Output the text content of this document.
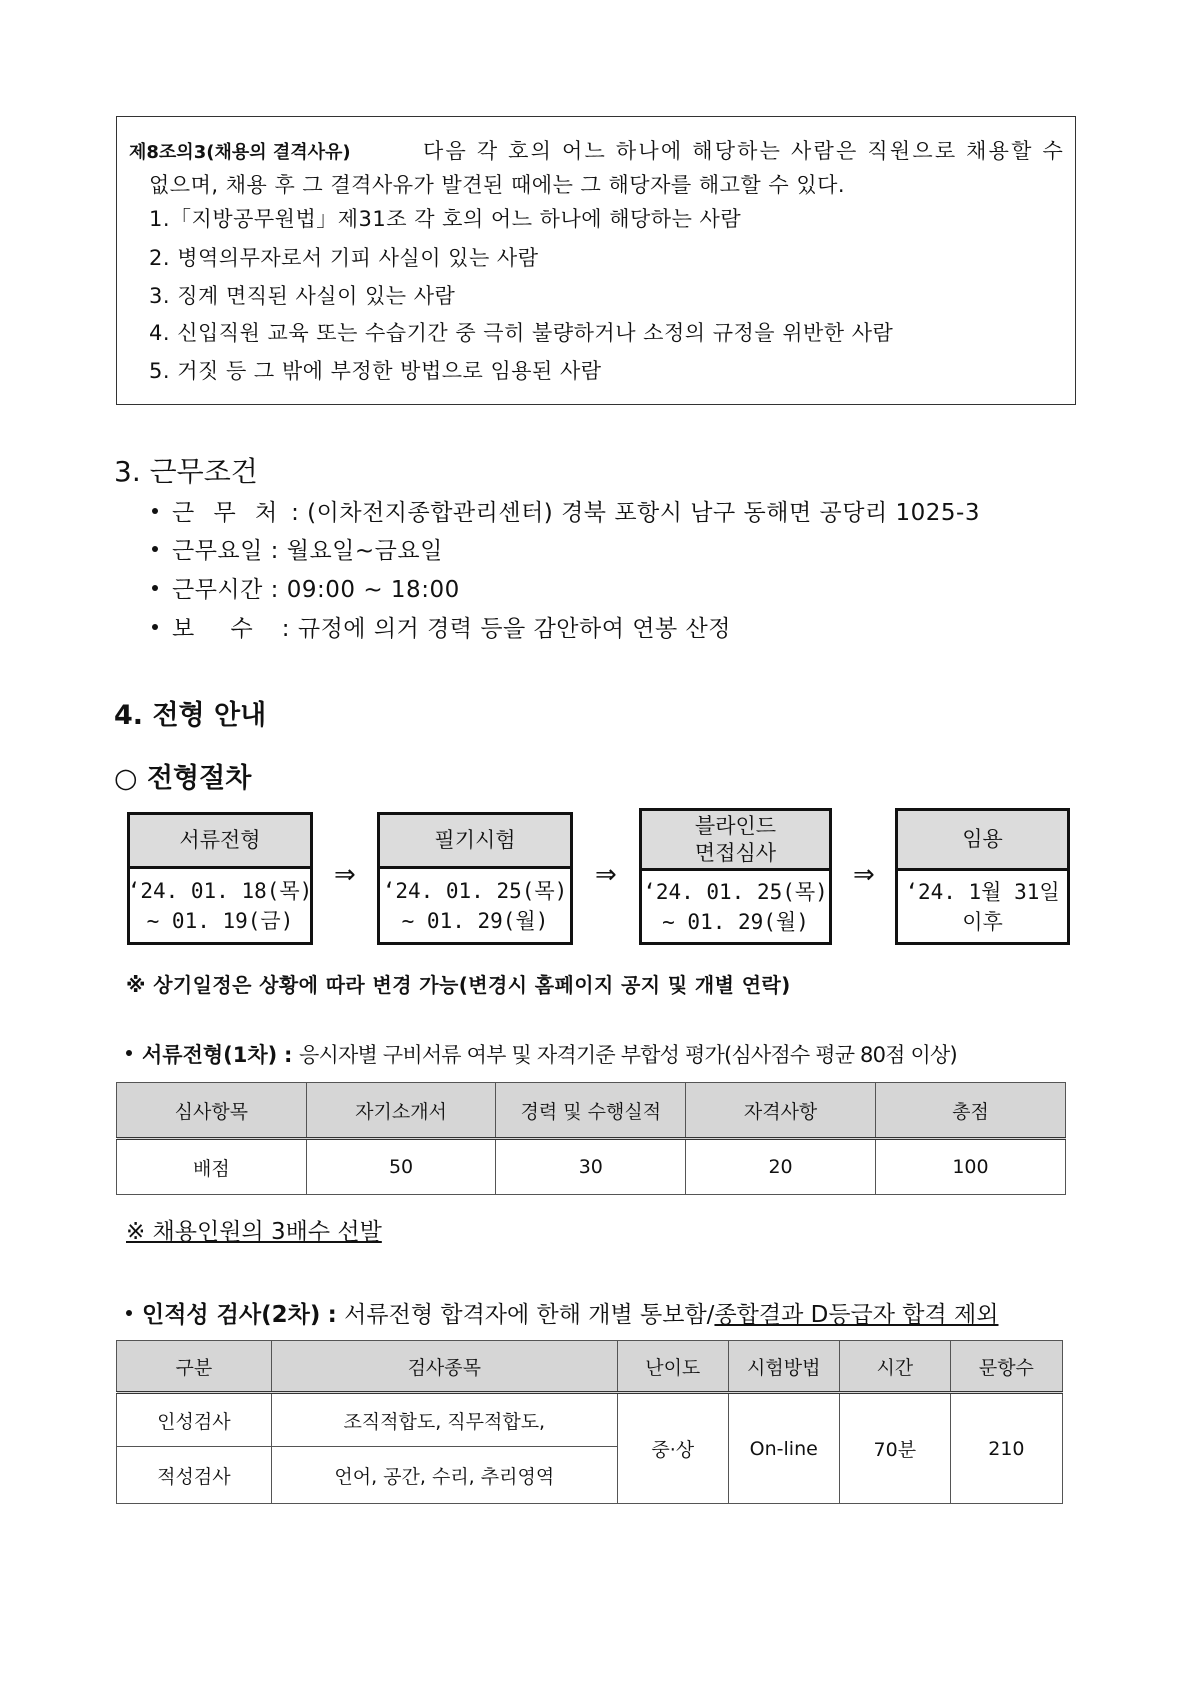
제8조의3(채용의 결격사유)	다음 각 호의 어느 하나에 해당하는 사람은 직원으로 채용할 수
없으며, 채용 후 그 결격사유가 발견된 때에는 그 해당자를 해고할 수 있다.
1.「지방공무원법」제31조 각 호의 어느 하나에 해당하는 사람
2. 병역의무자로서 기피 사실이 있는 사람
3. 징계 면직된 사실이 있는 사람
4. 신입직원 교육 또는 수습기간 중 극히 불량하거나 소정의 규정을 위반한 사람
5. 거짓 등 그 밖에 부정한 방법으로 임용된 사람
3. 근무조건
근 무 처 : (이차전지종합관리센터) 경북 포항시 남구 동해면 공당리 1025-3
근무요일 : 월요일~금요일
근무시간 : 09:00 ~ 18:00
보 수 : 규정에 의거 경력 등을 감안하여 연봉 산정
4. 전형 안내
○ 전형절차
서류전형
‘24. 01. 18(목)
~ 01. 19(금)
⇒
필기시험
‘24. 01. 25(목)
~ 01. 29(월)
⇒
블라인드
면접심사
‘24. 01. 25(목)
~ 01. 29(월)
⇒
임용
‘24. 1월 31일
이후
※ 상기일정은 상황에 따라 변경 가능(변경시 홈페이지 공지 및 개별 연락)
서류전형(1차) : 응시자별 구비서류 여부 및 자격기준 부합성 평가(심사점수 평균 80점 이상)
심사항목	자기소개서	경력 및 수행실적	자격사항	총점
배점	50	30	20	100
※ 채용인원의 3배수 선발
인적성 검사(2차) : 서류전형 합격자에 한해 개별 통보함/종합결과 D등급자 합격 제외
구분	검사종목	난이도	시험방법	시간	문항수
인성검사	조직적합도, 직무적합도,	중·상	On-line	70분	210
적성검사	언어, 공간, 수리, 추리영역				
